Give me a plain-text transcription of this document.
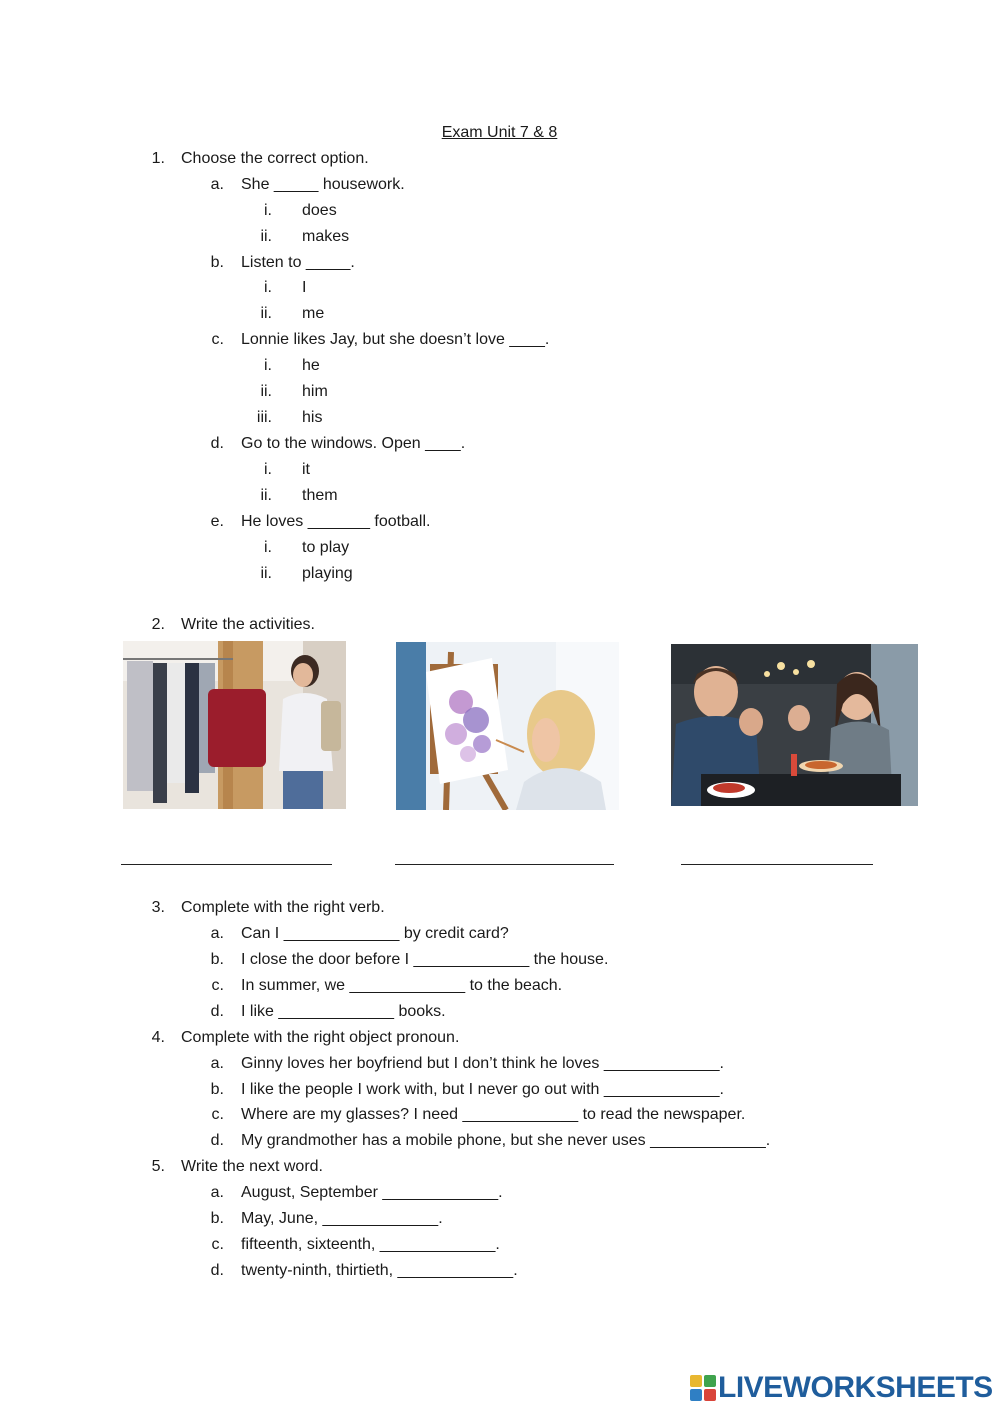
Exam Unit 7 & 8
1. Choose the correct option.
a. She _____ housework.
i. does
ii. makes
b. Listen to _____.
i. I
ii. me
c. Lonnie likes Jay, but she doesn’t love ____.
i. he
ii. him
iii. his
d. Go to the windows. Open ____.
i. it
ii. them
e. He loves _______ football.
i. to play
ii. playing
2. Write the activities.
3. Complete with the right verb.
a. Can I _____________ by credit card?
b. I close the door before I _____________ the house.
c. In summer, we _____________ to the beach.
d. I like _____________ books.
4. Complete with the right object pronoun.
a. Ginny loves her boyfriend but I don’t think he loves _____________.
b. I like the people I work with, but I never go out with _____________.
c. Where are my glasses? I need _____________ to read the newspaper.
d. My grandmother has a mobile phone, but she never uses _____________.
5. Write the next word.
a. August, September _____________.
b. May, June, _____________.
c. fifteenth, sixteenth, _____________.
d. twenty-ninth, thirtieth, _____________.
LIVEWORKSHEETS
